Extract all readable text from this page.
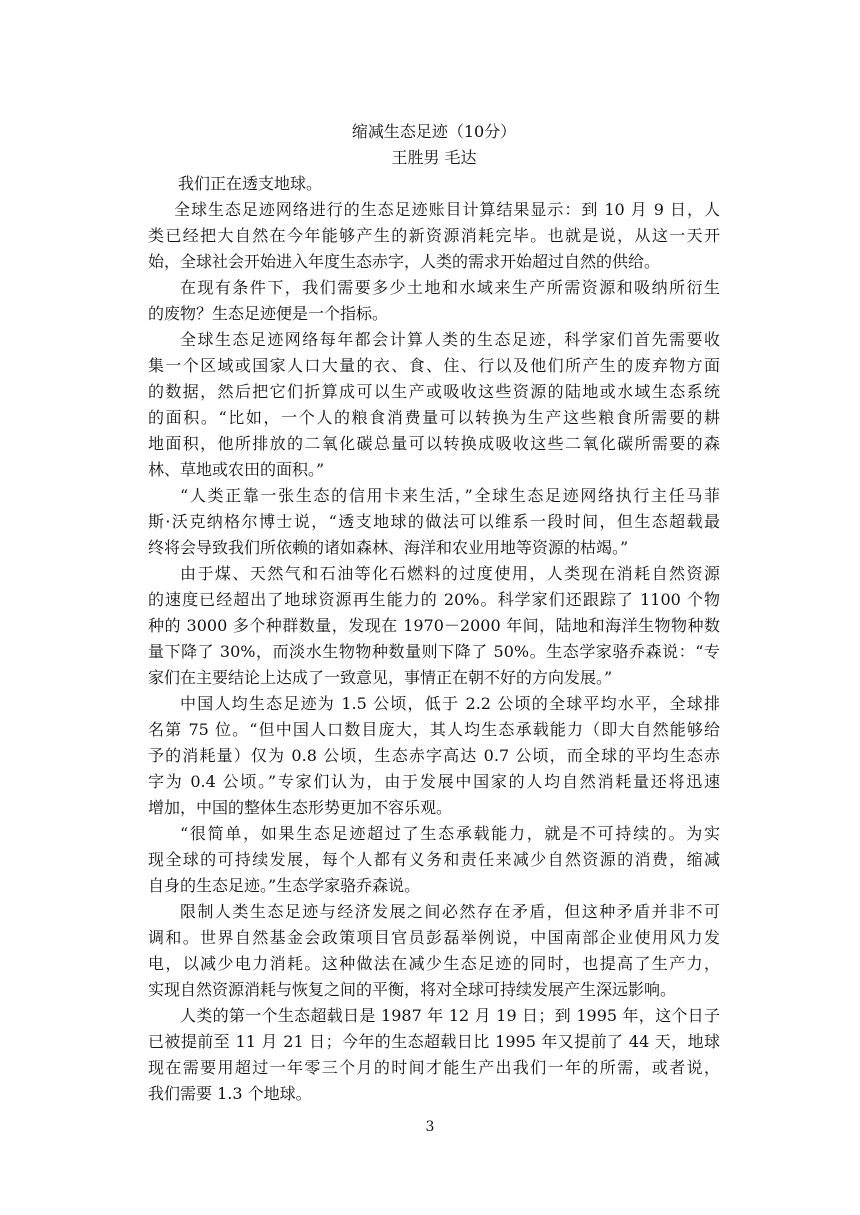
缩减生态足迹（10分）

王胜男 毛达

我们正在透支地球。

全球生态足迹网络进行的生态足迹账目计算结果显示：到 10 月 9 日，人

类已经把大自然在今年能够产生的新资源消耗完毕。也就是说，从这一天开

始，全球社会开始进入年度生态赤字，人类的需求开始超过自然的供给。

在现有条件下，我们需要多少土地和水域来生产所需资源和吸纳所衍生

的废物？生态足迹便是一个指标。

全球生态足迹网络每年都会计算人类的生态足迹，科学家们首先需要收

集一个区域或国家人口大量的衣、食、住、行以及他们所产生的废弃物方面

的数据，然后把它们折算成可以生产或吸收这些资源的陆地或水域生态系统

的面积。“比如，一个人的粮食消费量可以转换为生产这些粮食所需要的耕

地面积，他所排放的二氧化碳总量可以转换成吸收这些二氧化碳所需要的森

林、草地或农田的面积。”

“人类正靠一张生态的信用卡来生活，”全球生态足迹网络执行主任马菲

斯·沃克纳格尔博士说，“透支地球的做法可以维系一段时间，但生态超载最

终将会导致我们所依赖的诸如森林、海洋和农业用地等资源的枯竭。”

由于煤、天然气和石油等化石燃料的过度使用，人类现在消耗自然资源

的速度已经超出了地球资源再生能力的 20%。科学家们还跟踪了 1100 个物

种的 3000 多个种群数量，发现在 1970－2000 年间，陆地和海洋生物物种数

量下降了 30%，而淡水生物物种数量则下降了 50%。生态学家骆乔森说：“专

家们在主要结论上达成了一致意见，事情正在朝不好的方向发展。”

中国人均生态足迹为 1.5 公顷，低于 2.2 公顷的全球平均水平，全球排

名第 75 位。“但中国人口数目庞大，其人均生态承载能力（即大自然能够给

予的消耗量）仅为 0.8 公顷，生态赤字高达 0.7 公顷，而全球的平均生态赤

字为 0.4 公顷。”专家们认为，由于发展中国家的人均自然消耗量还将迅速

增加，中国的整体生态形势更加不容乐观。

“很简单，如果生态足迹超过了生态承载能力，就是不可持续的。为实

现全球的可持续发展，每个人都有义务和责任来减少自然资源的消费，缩减

自身的生态足迹。”生态学家骆乔森说。

限制人类生态足迹与经济发展之间必然存在矛盾，但这种矛盾并非不可

调和。世界自然基金会政策项目官员彭磊举例说，中国南部企业使用风力发

电，以减少电力消耗。这种做法在减少生态足迹的同时，也提高了生产力，

实现自然资源消耗与恢复之间的平衡，将对全球可持续发展产生深远影响。

人类的第一个生态超载日是 1987 年 12 月 19 日；到 1995 年，这个日子

已被提前至 11 月 21 日；今年的生态超载日比 1995 年又提前了 44 天，地球

现在需要用超过一年零三个月的时间才能生产出我们一年的所需，或者说，

我们需要 1.3 个地球。

3
